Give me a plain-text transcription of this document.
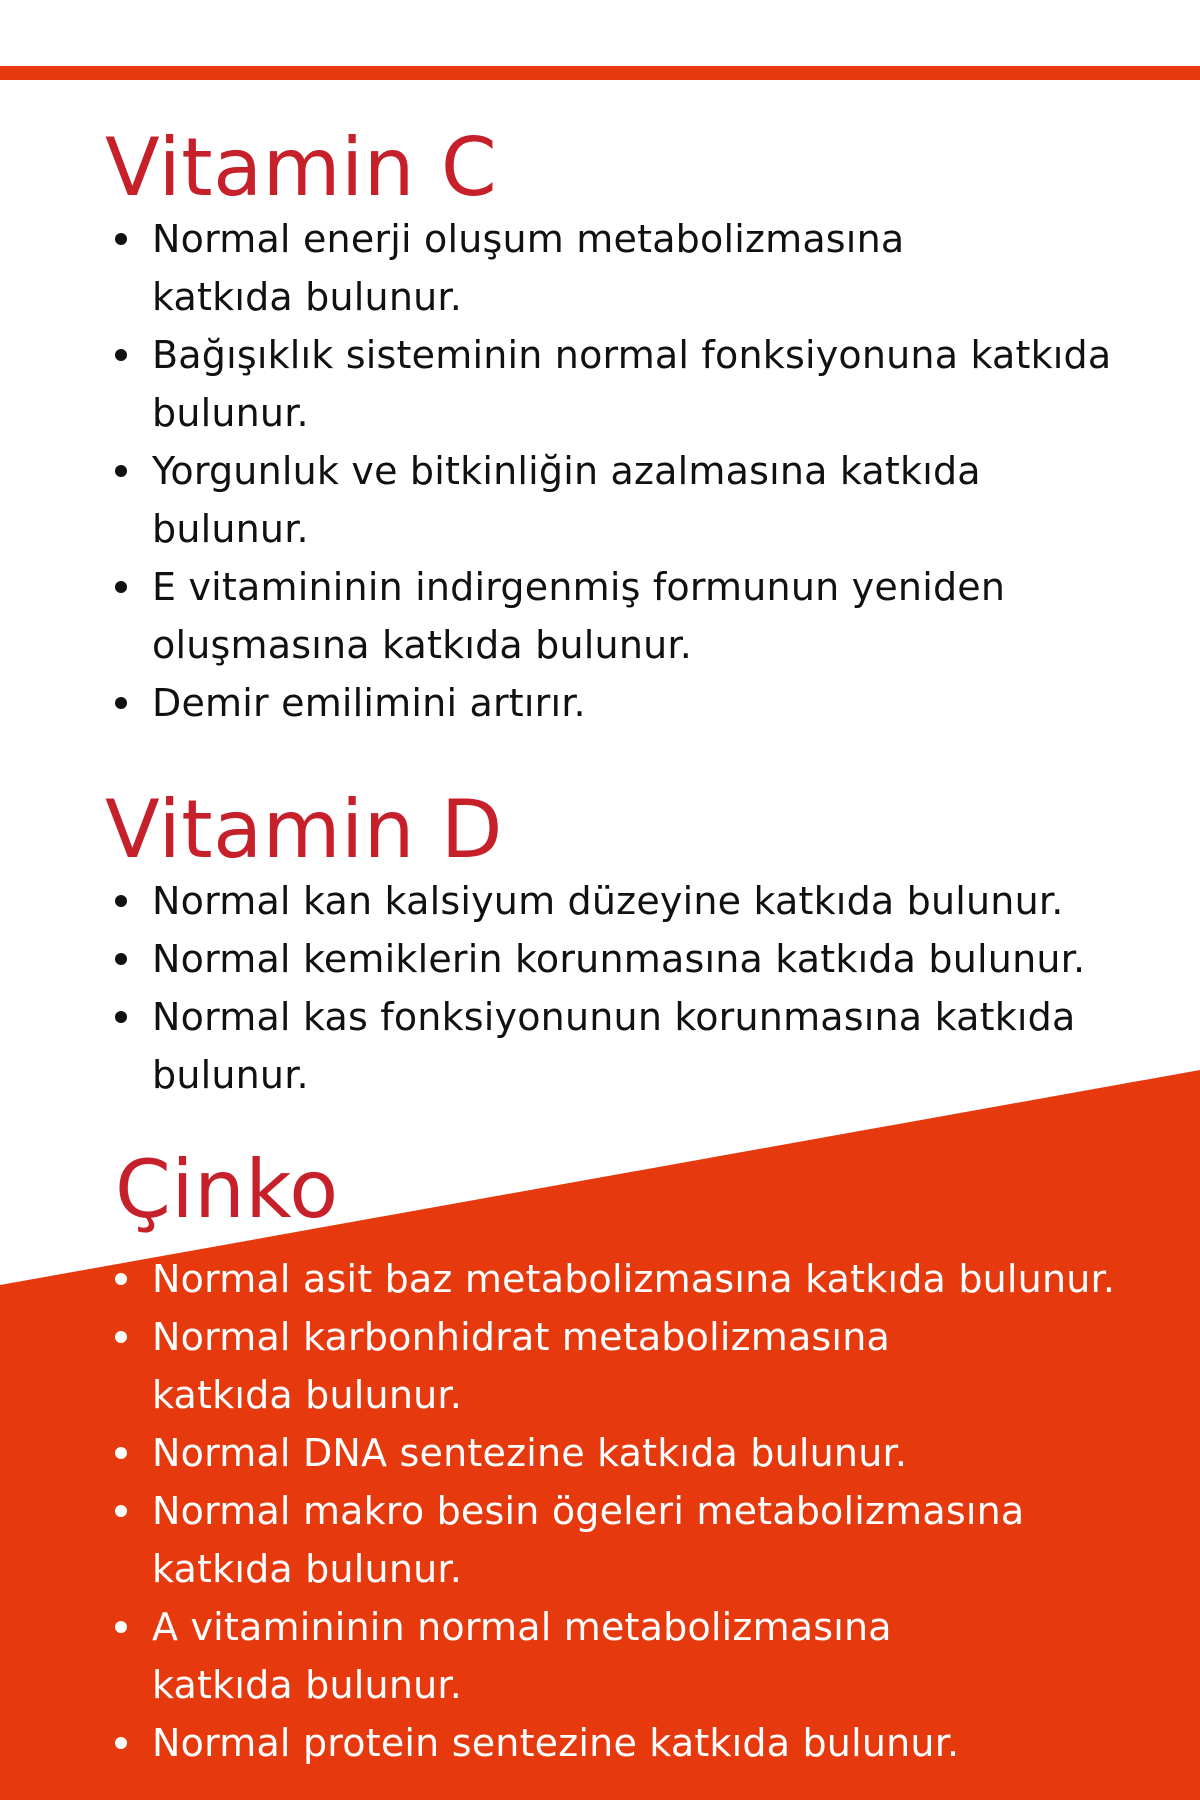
Vitamin C
Normal enerji oluşum metabolizmasına katkıda bulunur.
Bağışıklık sisteminin normal fonksiyonuna katkıda bulunur.
Yorgunluk ve bitkinliğin azalmasına katkıda bulunur.
E vitamininin indirgenmiş formunun yeniden oluşmasına katkıda bulunur.
Demir emilimini artırır.
Vitamin D
Normal kan kalsiyum düzeyine katkıda bulunur.
Normal kemiklerin korunmasına katkıda bulunur.
Normal kas fonksiyonunun korunmasına katkıda bulunur.
Çinko
Normal asit baz metabolizmasına katkıda bulunur.
Normal karbonhidrat metabolizmasına katkıda bulunur.
Normal DNA sentezine katkıda bulunur.
Normal makro besin ögeleri metabolizmasına katkıda bulunur.
A vitamininin normal metabolizmasına katkıda bulunur.
Normal protein sentezine katkıda bulunur.
